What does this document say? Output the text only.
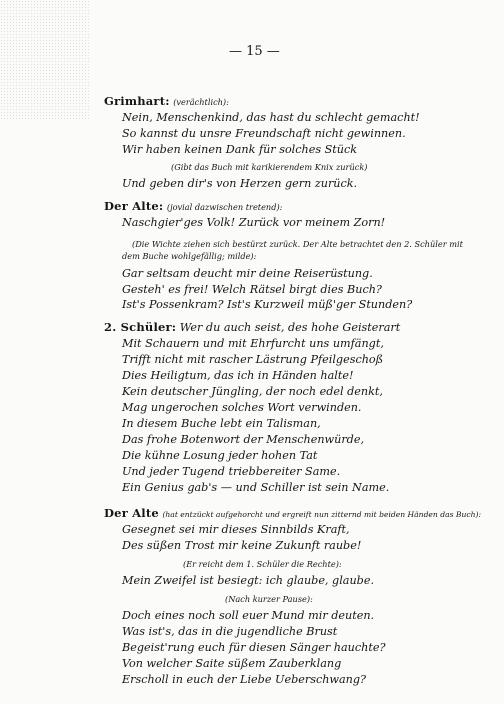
— 15 —
Grimhart: (verächtlich):
Nein, Menschenkind, das hast du schlecht gemacht!
So kannst du unsre Freundschaft nicht gewinnen.
Wir haben keinen Dank für solches Stück
(Gibt das Buch mit karikierendem Knix zurück)
Und geben dir's von Herzen gern zurück.
Der Alte: (jovial dazwischen tretend):
Naschgier'ges Volk! Zurück vor meinem Zorn!
(Die Wichte ziehen sich bestürzt zurück. Der Alte betrachtet den 2. Schüler mit
dem Buche wohlgefällig; milde):
Gar seltsam deucht mir deine Reiserüstung.
Gesteh' es frei! Welch Rätsel birgt dies Buch?
Ist's Possenkram? Ist's Kurzweil müß'ger Stunden?
2. Schüler: Wer du auch seist, des hohe Geisterart
Mit Schauern und mit Ehrfurcht uns umfängt,
Trifft nicht mit rascher Lästrung Pfeilgeschoß
Dies Heiligtum, das ich in Händen halte!
Kein deutscher Jüngling, der noch edel denkt,
Mag ungerochen solches Wort verwinden.
In diesem Buche lebt ein Talisman,
Das frohe Botenwort der Menschenwürde,
Die kühne Losung jeder hohen Tat
Und jeder Tugend triebbereiter Same.
Ein Genius gab's — und Schiller ist sein Name.
Der Alte (hat entzückt aufgehorcht und ergreift nun zitternd mit beiden Händen das Buch):
Gesegnet sei mir dieses Sinnbilds Kraft,
Des süßen Trost mir keine Zukunft raube!
(Er reicht dem 1. Schüler die Rechte):
Mein Zweifel ist besiegt: ich glaube, glaube.
(Nach kurzer Pause):
Doch eines noch soll euer Mund mir deuten.
Was ist's, das in die jugendliche Brust
Begeist'rung euch für diesen Sänger hauchte?
Von welcher Saite süßem Zauberklang
Erscholl in euch der Liebe Ueberschwang?
